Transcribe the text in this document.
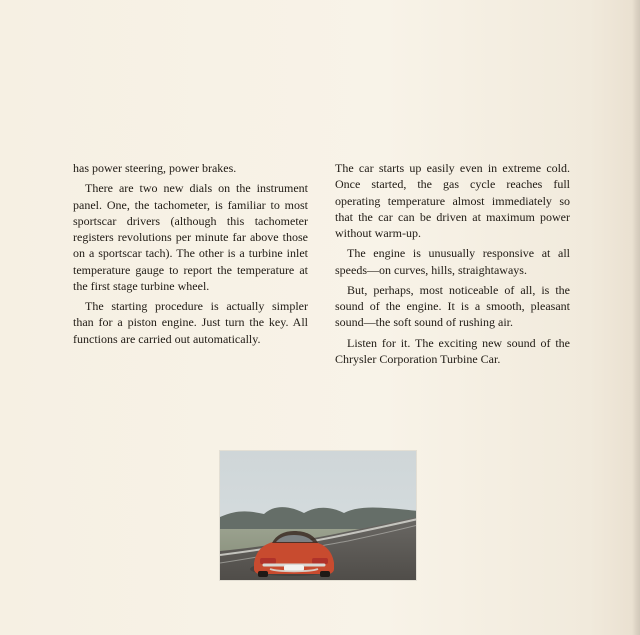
has power steering, power brakes.

There are two new dials on the instrument panel. One, the tachometer, is familiar to most sportscar drivers (although this tachometer registers revolutions per minute far above those on a sportscar tach). The other is a turbine inlet temperature gauge to report the temperature at the first stage turbine wheel.

The starting procedure is actually simpler than for a piston engine. Just turn the key. All functions are carried out automatically.

The car starts up easily even in extreme cold. Once started, the gas cycle reaches full operating temperature almost immediately so that the car can be driven at maximum power without warm-up.

The engine is unusually responsive at all speeds—on curves, hills, straightaways.

But, perhaps, most noticeable of all, is the sound of the engine. It is a smooth, pleasant sound—the soft sound of rushing air.

Listen for it. The exciting new sound of the Chrysler Corporation Turbine Car.
